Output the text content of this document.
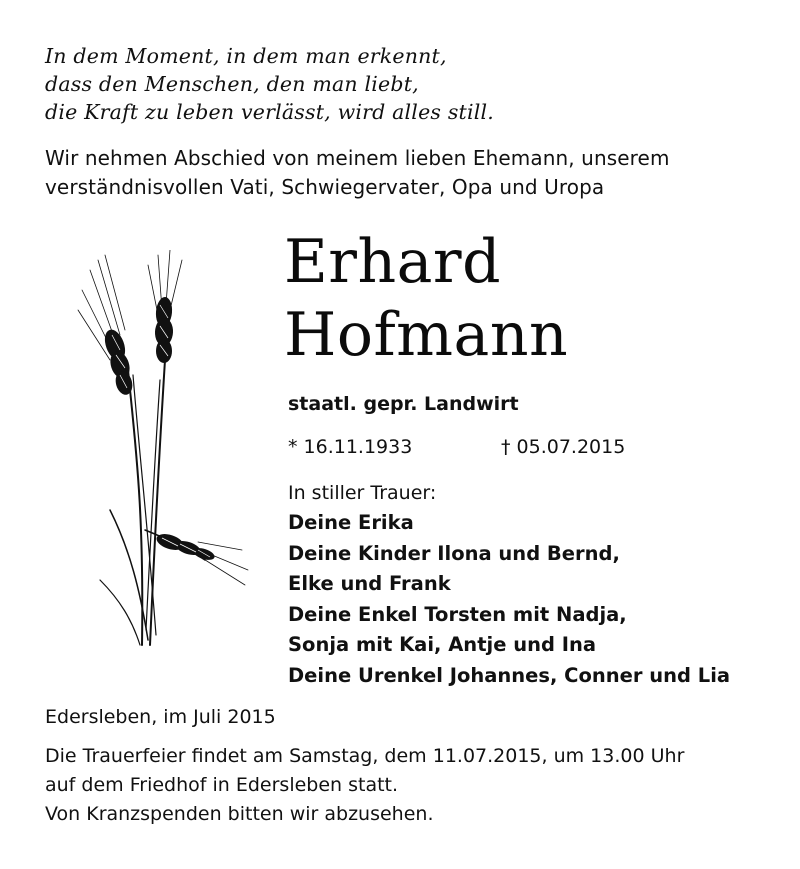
In dem Moment, in dem man erkennt,
dass den Menschen, den man liebt,
die Kraft zu leben verlässt, wird alles still.
Wir nehmen Abschied von meinem lieben Ehemann, unserem
verständnisvollen Vati, Schwiegervater, Opa und Uropa
Erhard
Hofmann
staatl. gepr. Landwirt
* 16.11.1933	† 05.07.2015
In stiller Trauer:
Deine Erika
Deine Kinder Ilona und Bernd,
Elke und Frank
Deine Enkel Torsten mit Nadja,
Sonja mit Kai, Antje und Ina
Deine Urenkel Johannes, Conner und Lia
Edersleben, im Juli 2015
Die Trauerfeier findet am Samstag, dem 11.07.2015, um 13.00 Uhr
auf dem Friedhof in Edersleben statt.
Von Kranzspenden bitten wir abzusehen.
